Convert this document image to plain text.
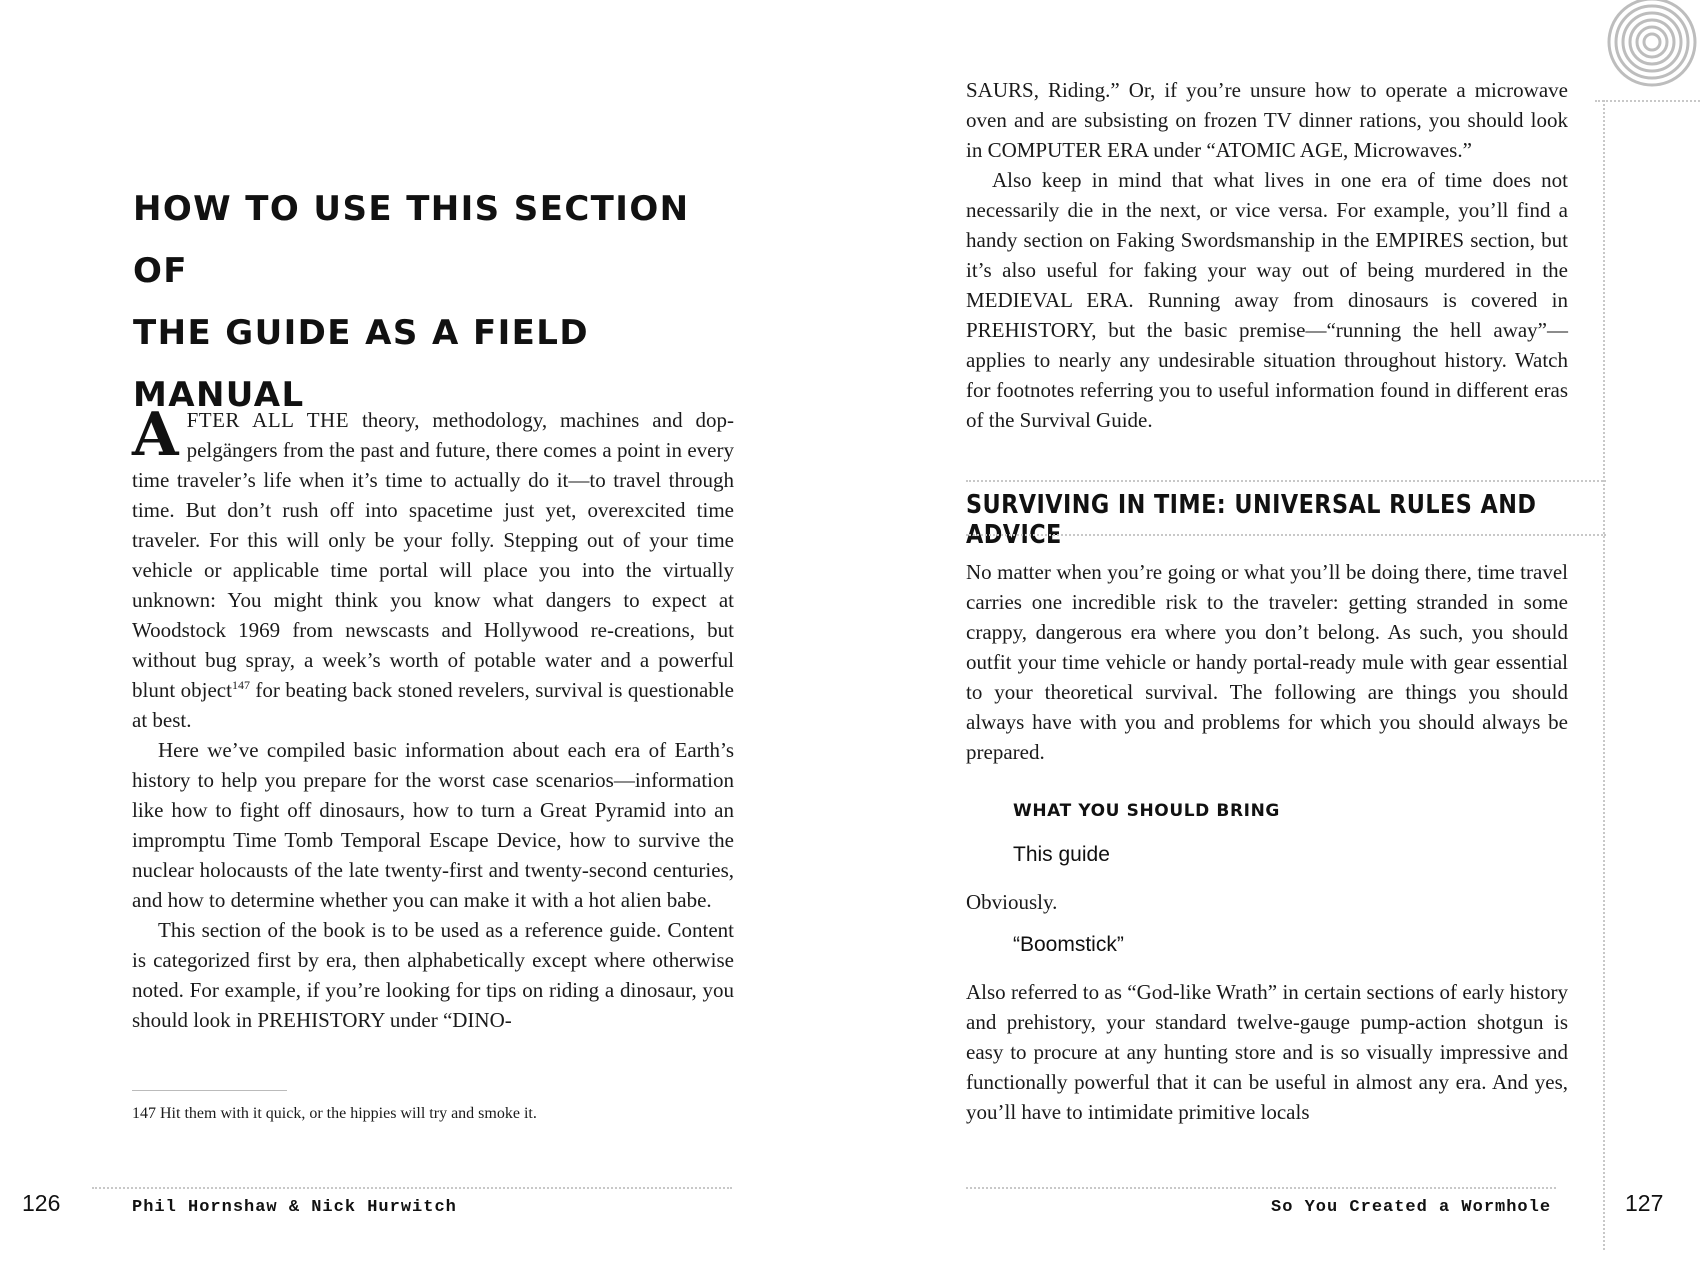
HOW TO USE THIS SECTION OF
THE GUIDE AS A FIELD MANUAL

AFTER ALL THE theory, methodology, machines and doppelgängers from the past and future, there comes a point in every time traveler’s life when it’s time to actually do it—to travel through time. But don’t rush off into spacetime just yet, overexcited time traveler. For this will only be your folly. Stepping out of your time vehicle or applicable time portal will place you into the virtually unknown: You might think you know what dangers to expect at Woodstock 1969 from newscasts and Hollywood re-creations, but without bug spray, a week’s worth of potable water and a powerful blunt object$^{147}$ for beating back stoned revelers, survival is questionable at best.

Here we’ve compiled basic information about each era of Earth’s history to help you prepare for the worst case scenarios—information like how to fight off dinosaurs, how to turn a Great Pyramid into an impromptu Time Tomb Temporal Escape Device, how to survive the nuclear holocausts of the late twenty-first and twenty-second centuries, and how to determine whether you can make it with a hot alien babe.

This section of the book is to be used as a reference guide. Content is categorized first by era, then alphabetically except where otherwise noted. For example, if you’re looking for tips on riding a dinosaur, you should look in PREHISTORY under “DINO-

147 Hit them with it quick, or the hippies will try and smoke it.

126	Phil Hornshaw & Nick Hurwitch

SAURS, Riding.” Or, if you’re unsure how to operate a microwave oven and are subsisting on frozen TV dinner rations, you should look in COMPUTER ERA under “ATOMIC AGE, Microwaves.”

Also keep in mind that what lives in one era of time does not necessarily die in the next, or vice versa. For example, you’ll find a handy section on Faking Swordsmanship in the EMPIRES section, but it’s also useful for faking your way out of being murdered in the MEDIEVAL ERA. Running away from dinosaurs is covered in PREHISTORY, but the basic premise—“running the hell away”—applies to nearly any undesirable situation throughout history. Watch for footnotes referring you to useful information found in different eras of the Survival Guide.

SURVIVING IN TIME: UNIVERSAL RULES AND ADVICE

No matter when you’re going or what you’ll be doing there, time travel carries one incredible risk to the traveler: getting stranded in some crappy, dangerous era where you don’t belong. As such, you should outfit your time vehicle or handy portal-ready mule with gear essential to your theoretical survival. The following are things you should always have with you and problems for which you should always be prepared.

WHAT YOU SHOULD BRING

This guide

Obviously.

“Boomstick”

Also referred to as “God-like Wrath” in certain sections of early history and prehistory, your standard twelve-gauge pump-action shotgun is easy to procure at any hunting store and is so visually impressive and functionally powerful that it can be useful in almost any era. And yes, you’ll have to intimidate primitive locals

So You Created a Wormhole	127
